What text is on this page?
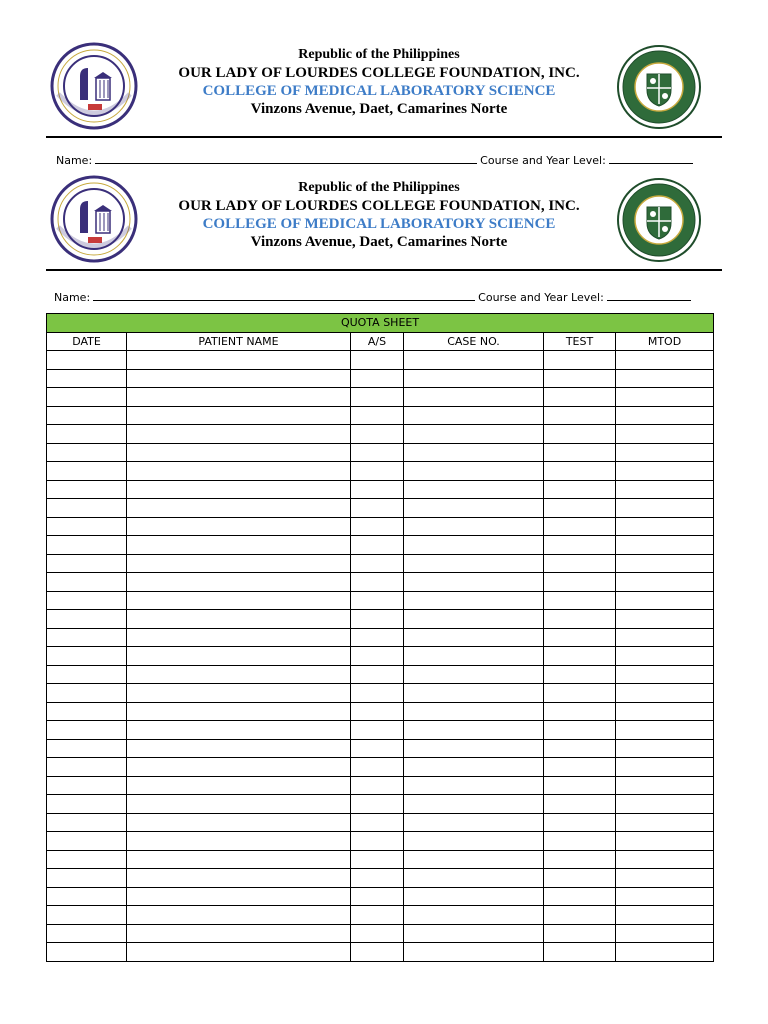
Republic of the Philippines
OUR LADY OF LOURDES COLLEGE FOUNDATION, INC.
COLLEGE OF MEDICAL LABORATORY SCIENCE
Vinzons Avenue, Daet, Camarines Norte
Name:	Course and Year Level:
Republic of the Philippines
OUR LADY OF LOURDES COLLEGE FOUNDATION, INC.
COLLEGE OF MEDICAL LABORATORY SCIENCE
Vinzons Avenue, Daet, Camarines Norte
Name:	Course and Year Level:
QUOTA SHEET					
DATE	PATIENT NAME	A/S	CASE NO.	TEST	MTOD
